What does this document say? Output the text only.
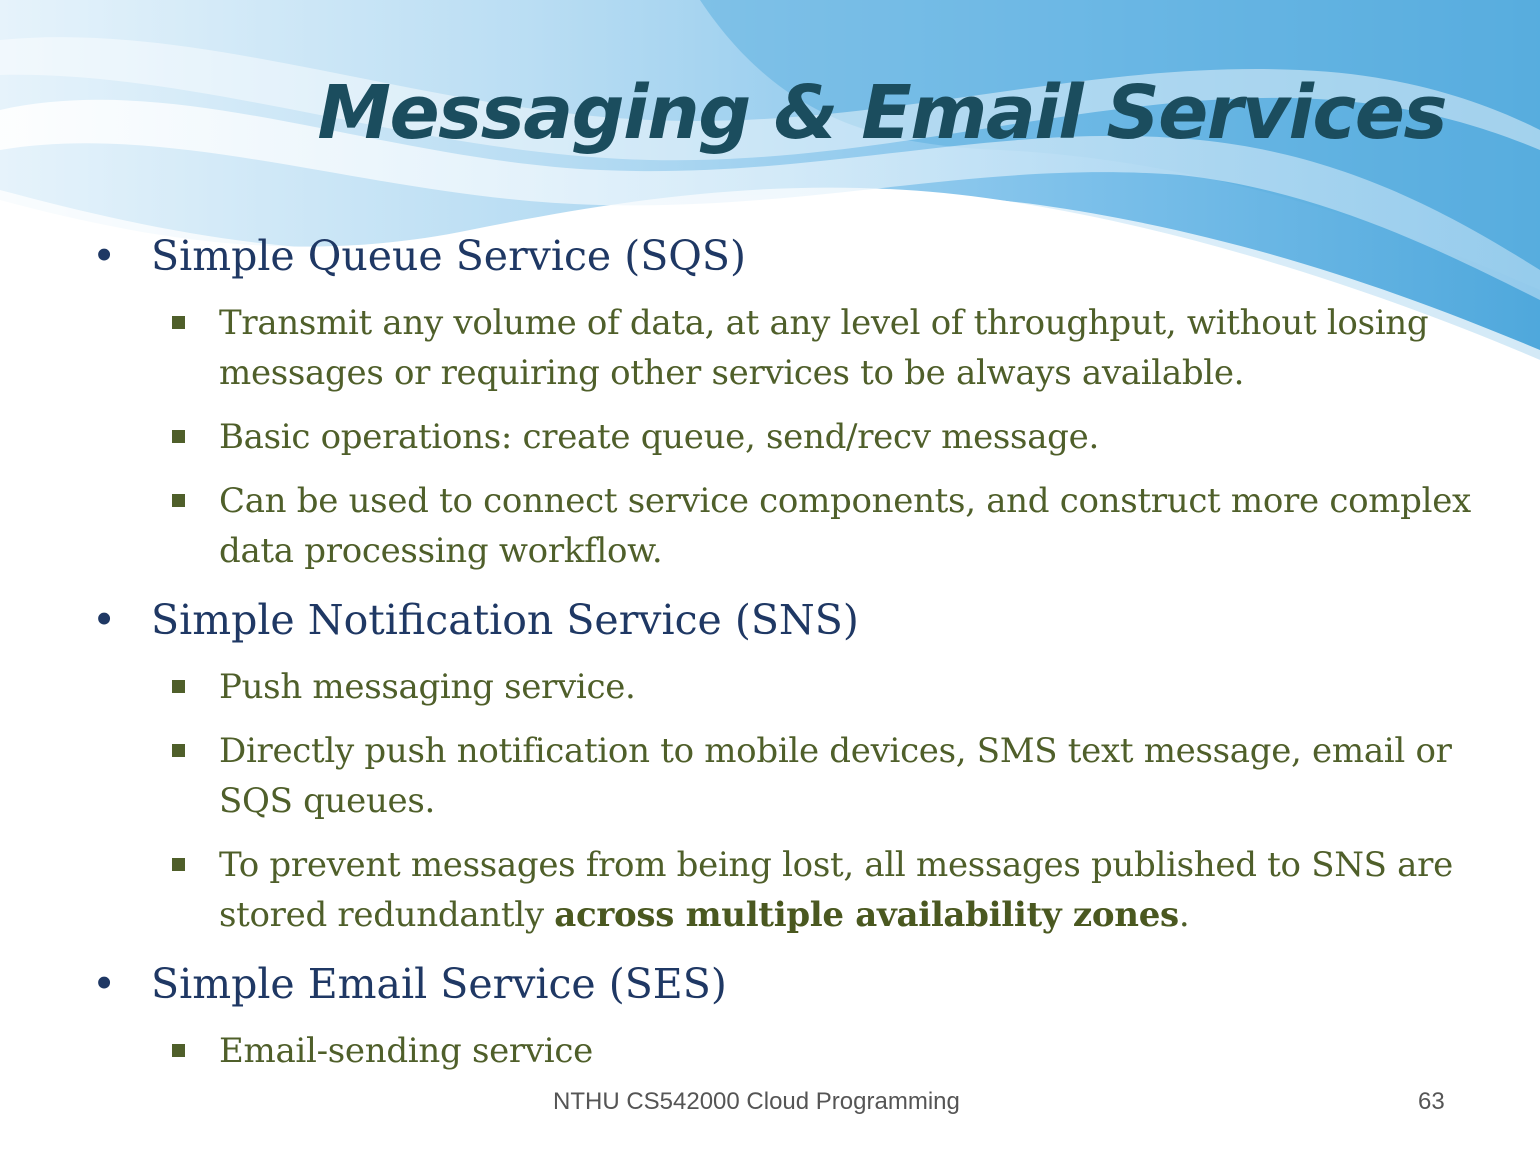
Messaging & Email Services
• Simple Queue Service (SQS)
Transmit any volume of data, at any level of throughput, without losing messages or requiring other services to be always available.
Basic operations: create queue, send/recv message.
Can be used to connect service components, and construct more complex data processing workflow.
• Simple Notification Service (SNS)
Push messaging service.
Directly push notification to mobile devices, SMS text message, email or SQS queues.
To prevent messages from being lost, all messages published to SNS are stored redundantly across multiple availability zones.
• Simple Email Service (SES)
Email-sending service
NTHU CS542000 Cloud Programming	63
